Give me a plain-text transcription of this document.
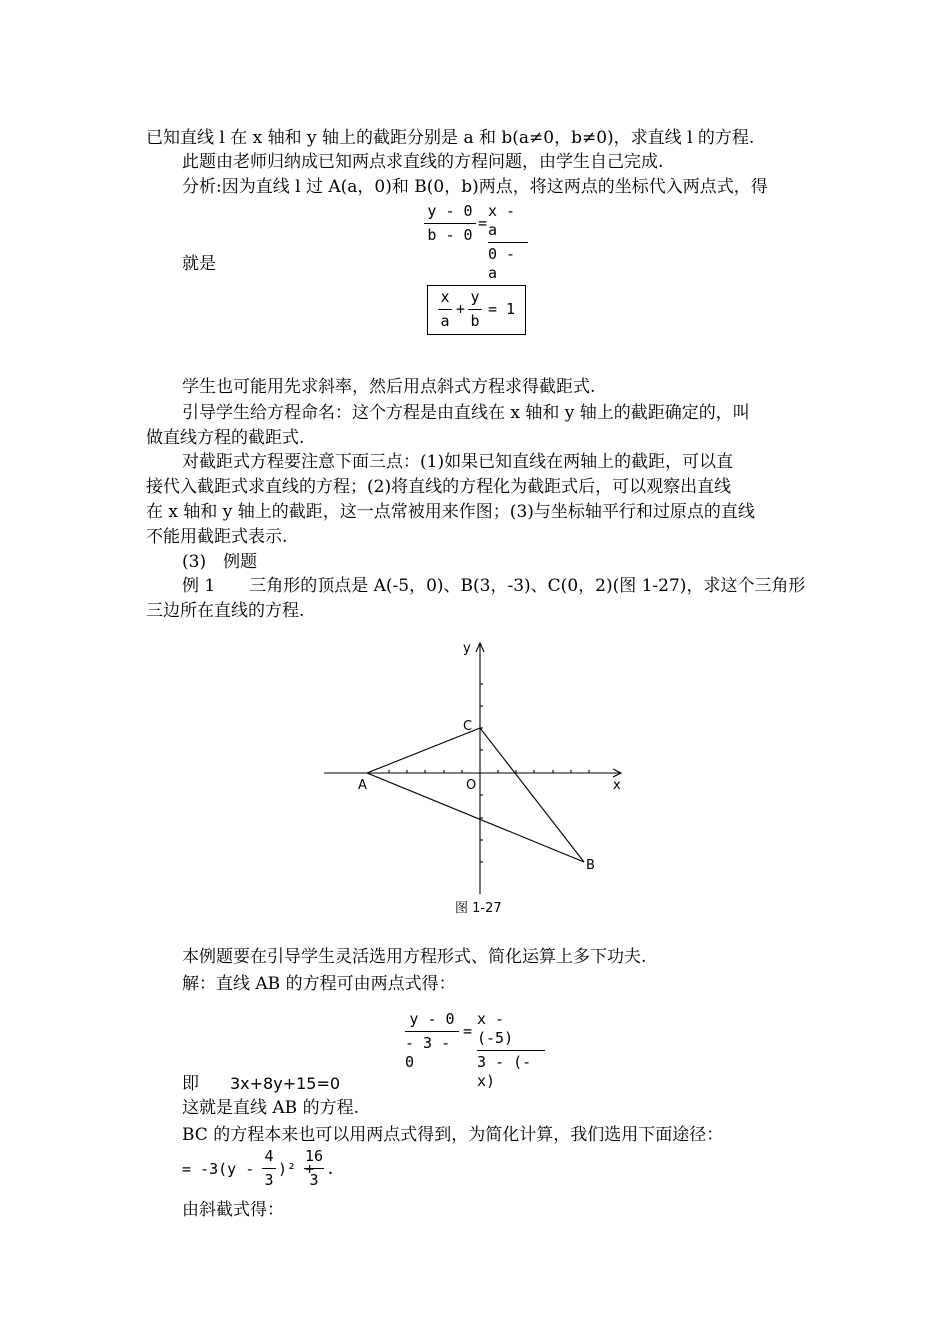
已知直线 l 在 x 轴和 y 轴上的截距分别是 a 和 b(a≠0，b≠0)，求直线 l 的方程.
此题由老师归纳成已知两点求直线的方程问题，由学生自己完成.
分析:因为直线 l 过 A(a，0)和 B(0，b)两点，将这两点的坐标代入两点式，得
y - 0
b - 0
=
x - a
0 - a
就是
x
a
+
y
b
= 1
学生也可能用先求斜率，然后用点斜式方程求得截距式.
引导学生给方程命名：这个方程是由直线在 x 轴和 y 轴上的截距确定的，叫
做直线方程的截距式.
对截距式方程要注意下面三点：(1)如果已知直线在两轴上的截距，可以直
接代入截距式求直线的方程；(2)将直线的方程化为截距式后，可以观察出直线
在 x 轴和 y 轴上的截距，这一点常被用来作图；(3)与坐标轴平行和过原点的直线
不能用截距式表示.
(3)　例题
例 1　　三角形的顶点是 A(-5，0)、B(3，-3)、C(0，2)(图 1-27)，求这个三角形
三边所在直线的方程.
y
x
A
B
C
O
图 1-27
本例题要在引导学生灵活选用方程形式、简化运算上多下功夫.
解：直线 AB 的方程可由两点式得：
y - 0
- 3 - 0
=
x - (-5)
3 - (-x)
即 3x+8y+15=0
这就是直线 AB 的方程.
BC 的方程本来也可以用两点式得到，为简化计算，我们选用下面途径：
= -3(y -
4
3
)² +
16
3
.
由斜截式得：
